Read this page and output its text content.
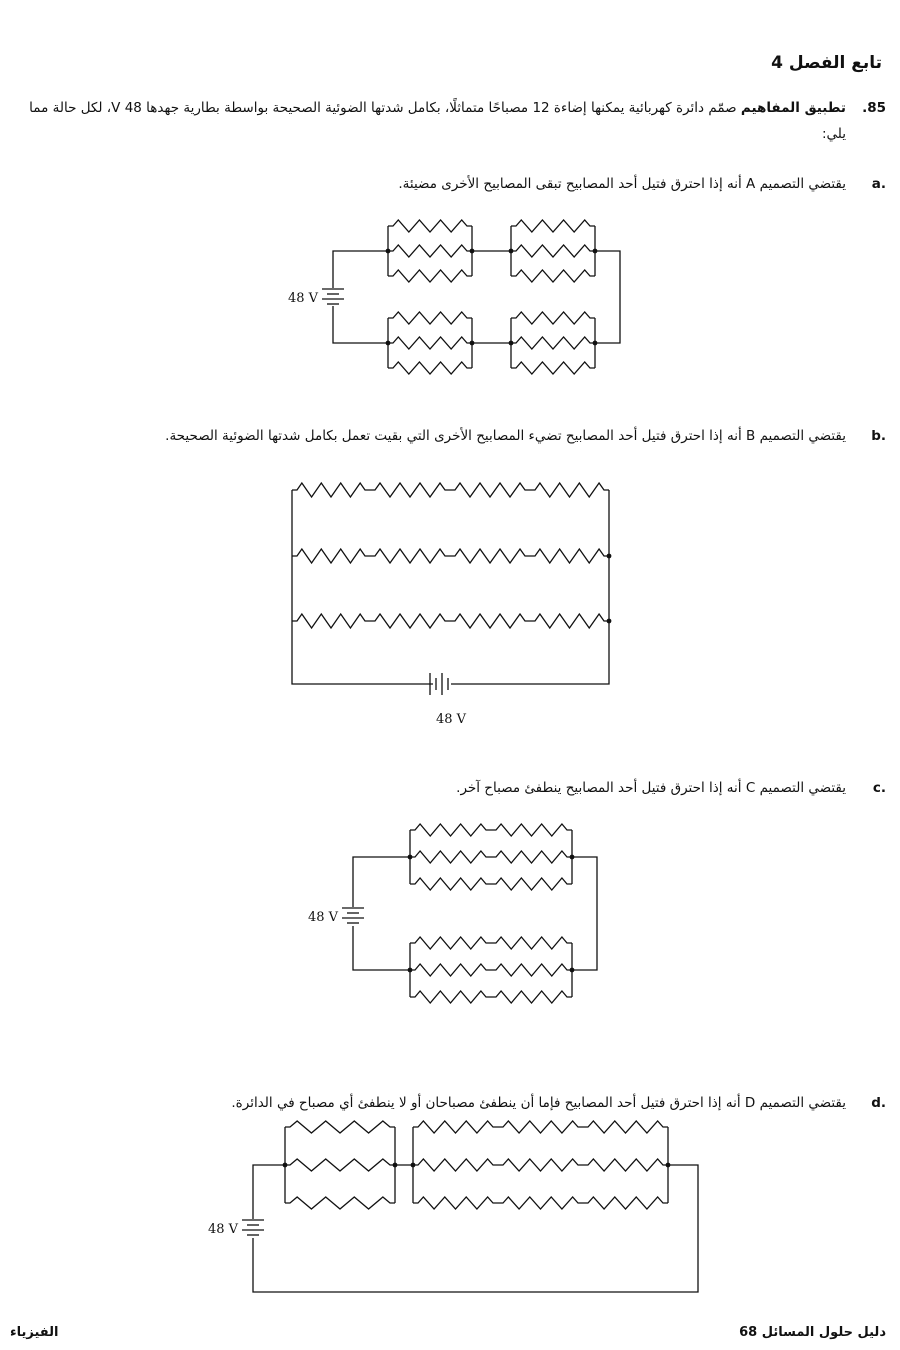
تابع الفصل 4
.85
تطبيق المفاهيم صمّم دائرة كهربائية يمكنها إضاءة 12 مصباحًا متماثلًا، بكامل شدتها الضوئية الصحيحة بواسطة بطارية جهدها 48 V، لكل حالة مما يلي:
a.
يقتضي التصميم A أنه إذا احترق فتيل أحد المصابيح تبقى المصابيح الأخرى مضيئة.
48 V
b.
يقتضي التصميم B أنه إذا احترق فتيل أحد المصابيح تضيء المصابيح الأخرى التي بقيت تعمل بكامل شدتها الضوئية الصحيحة.
48 V
c.
يقتضي التصميم C أنه إذا احترق فتيل أحد المصابيح ينطفئ مصباح آخر.
48 V
d.
يقتضي التصميم D أنه إذا احترق فتيل أحد المصابيح فإما أن ينطفئ مصباحان أو لا ينطفئ أي مصباح في الدائرة.
48 V
دليل حلول المسائل 68
الفيزياء
